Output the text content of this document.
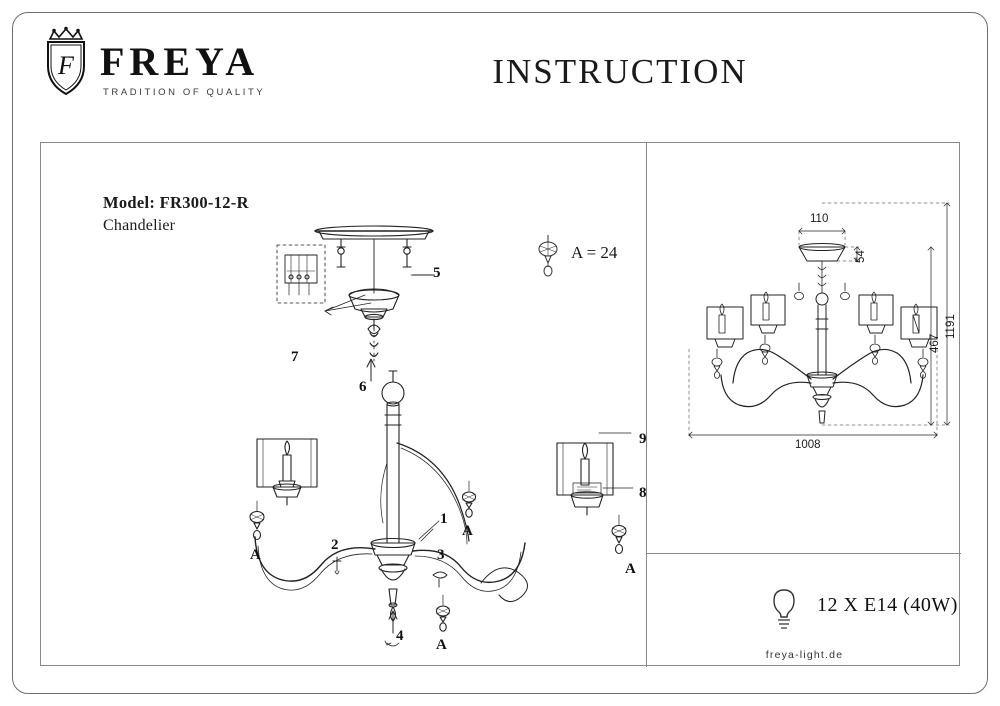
F FREYA
TRADITION OF QUALITY
INSTRUCTION
Model: FR300-12-R
Chandelier
A = 24
5
7
6
1
2
3
4
9
8
A
A
A
A
110
54
467
1191
1008
12 X E14 (40W)
freya-light.de
